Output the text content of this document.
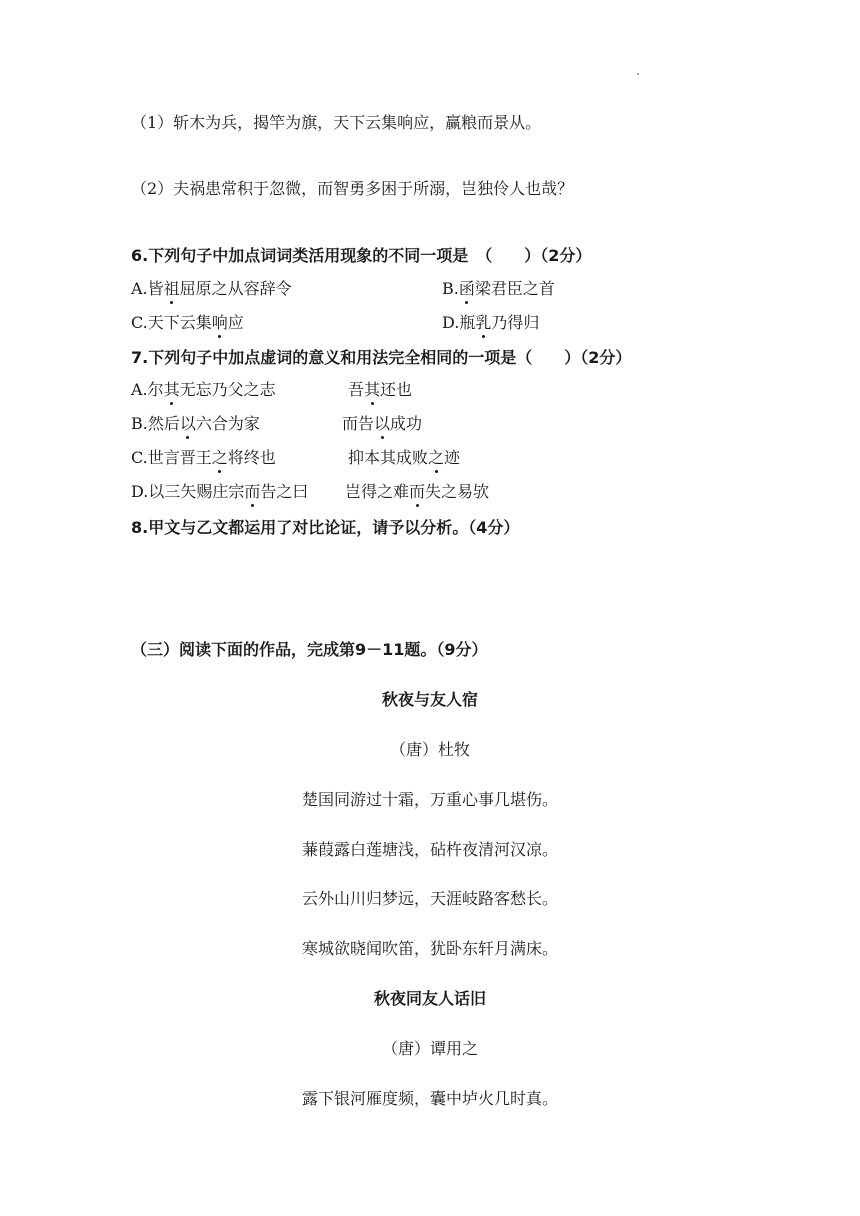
（1）斩木为兵，揭竿为旗，天下云集响应，赢粮而景从。
（2）夫祸患常积于忽微，而智勇多困于所溺，岂独伶人也哉？
6.下列句子中加点词词类活用现象的不同一项是　（　　）（2分）
A.皆祖屈原之从容辞令	B.函梁君臣之首
C.天下云集响应	D.瓶乳乃得归
7.下列句子中加点虚词的意义和用法完全相同的一项是（　　）（2分）
A.尔其无忘乃父之志	吾其还也
B.然后以六合为家	而告以成功
C.世言晋王之将终也	抑本其成败之迹
D.以三矢赐庄宗而告之曰 岂得之难而失之易欤
8.甲文与乙文都运用了对比论证，请予以分析。（4分）
（三）阅读下面的作品，完成第9－11题。（9分）
秋夜与友人宿
（唐）杜牧
楚国同游过十霜，万重心事几堪伤。
蒹葭露白莲塘浅，砧杵夜清河汉凉。
云外山川归梦远，天涯岐路客愁长。
寒城欲晓闻吹笛，犹卧东轩月满床。
秋夜同友人话旧
（唐）谭用之
露下银河雁度频，囊中垆火几时真。
